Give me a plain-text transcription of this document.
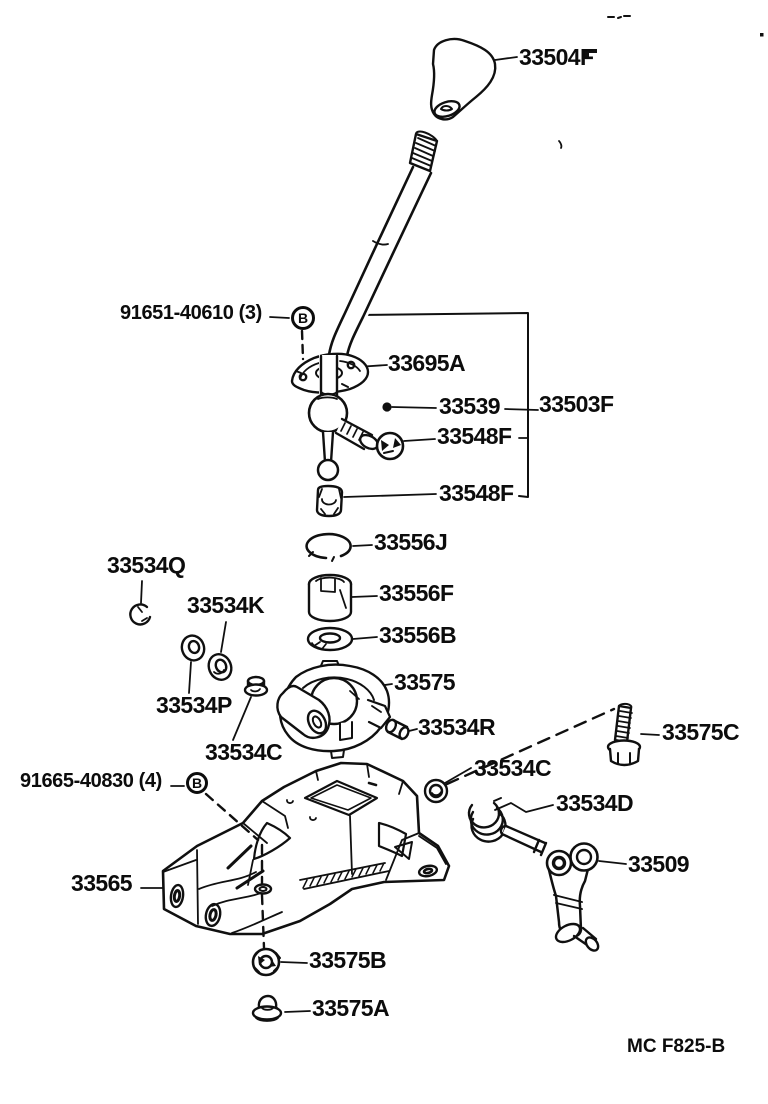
33504F
91651-40610 (3)	B
33695A
33539 33503F
33548F
33548F
33556J
33556F
33556B
33534Q
33534K
33534P
33575
33534R
33534C
33575C
33534C
33534D
91665-40830 (4)	B
33565
33509
33575B
33575A
MC F825-B
